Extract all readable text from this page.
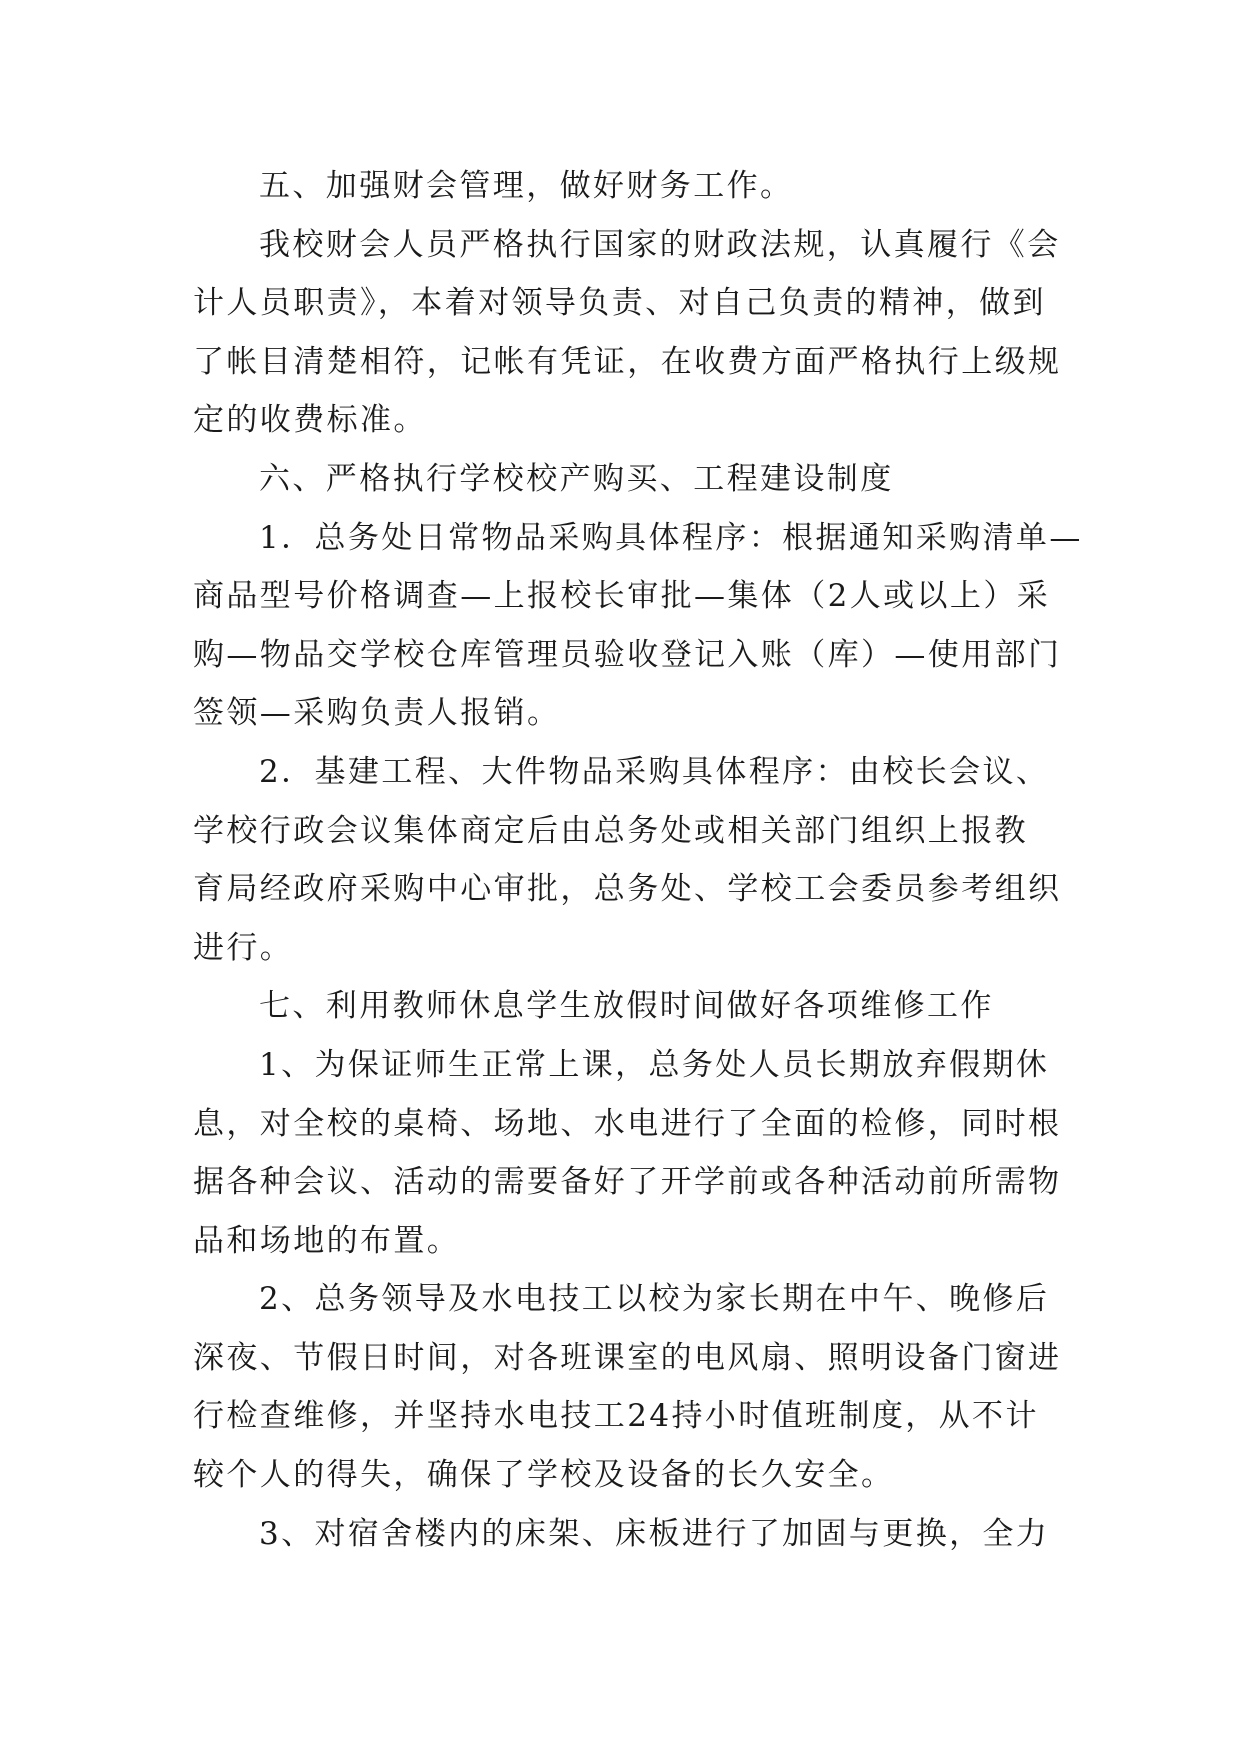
五、加强财会管理，做好财务工作。
我校财会人员严格执行国家的财政法规，认真履行《会
计人员职责》，本着对领导负责、对自己负责的精神，做到
了帐目清楚相符，记帐有凭证，在收费方面严格执行上级规
定的收费标准。
六、严格执行学校校产购买、工程建设制度
1．总务处日常物品采购具体程序：根据通知采购清单—
商品型号价格调查—上报校长审批—集体（2人或以上）采
购—物品交学校仓库管理员验收登记入账（库）—使用部门
签领—采购负责人报销。
2．基建工程、大件物品采购具体程序：由校长会议、
学校行政会议集体商定后由总务处或相关部门组织上报教
育局经政府采购中心审批，总务处、学校工会委员参考组织
进行。
七、利用教师休息学生放假时间做好各项维修工作
1、为保证师生正常上课，总务处人员长期放弃假期休
息，对全校的桌椅、场地、水电进行了全面的检修，同时根
据各种会议、活动的需要备好了开学前或各种活动前所需物
品和场地的布置。
2、总务领导及水电技工以校为家长期在中午、晚修后
深夜、节假日时间，对各班课室的电风扇、照明设备门窗进
行检查维修，并坚持水电技工24持小时值班制度，从不计
较个人的得失，确保了学校及设备的长久安全。
3、对宿舍楼内的床架、床板进行了加固与更换，全力
